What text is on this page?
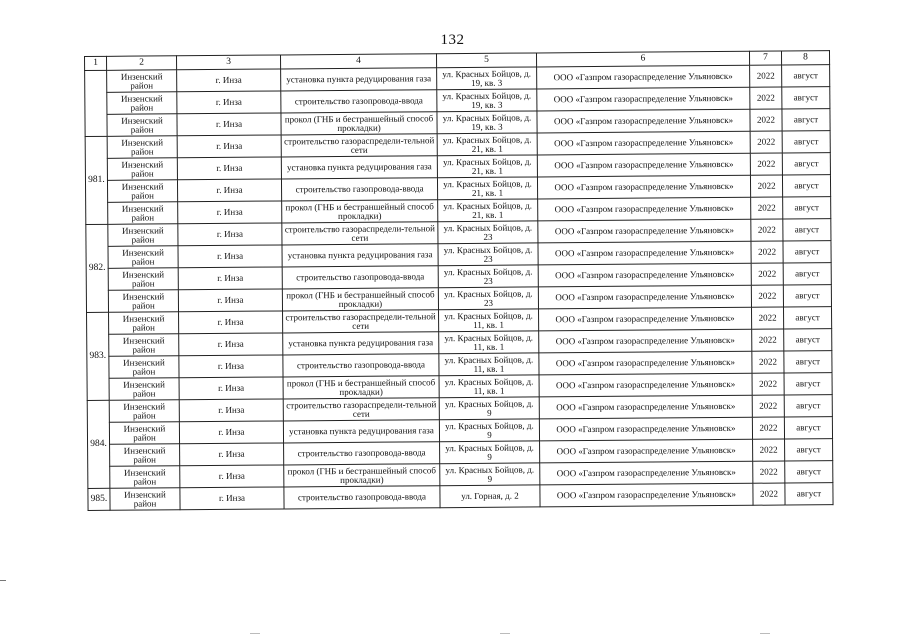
132
1	2	3	4	5	6	7	8
	Инзенский район	г. Инза	установка пункта редуцирования газа	ул. Красных Бойцов, д. 19, кв. 3	ООО «Газпром газораспределение Ульяновск»	2022	август
	Инзенский район	г. Инза	строительство газопровода-ввода	ул. Красных Бойцов, д. 19, кв. 3	ООО «Газпром газораспределение Ульяновск»	2022	август
	Инзенский район	г. Инза	прокол (ГНБ и бестраншейный способ прокладки)	ул. Красных Бойцов, д. 19, кв. 3	ООО «Газпром газораспределение Ульяновск»	2022	август
981.	Инзенский район	г. Инза	строительство газораспредели-тельной сети	ул. Красных Бойцов, д. 21, кв. 1	ООО «Газпром газораспределение Ульяновск»	2022	август
	Инзенский район	г. Инза	установка пункта редуцирования газа	ул. Красных Бойцов, д. 21, кв. 1	ООО «Газпром газораспределение Ульяновск»	2022	август
	Инзенский район	г. Инза	строительство газопровода-ввода	ул. Красных Бойцов, д. 21, кв. 1	ООО «Газпром газораспределение Ульяновск»	2022	август
	Инзенский район	г. Инза	прокол (ГНБ и бестраншейный способ прокладки)	ул. Красных Бойцов, д. 21, кв. 1	ООО «Газпром газораспределение Ульяновск»	2022	август
982.	Инзенский район	г. Инза	строительство газораспредели-тельной сети	ул. Красных Бойцов, д. 23	ООО «Газпром газораспределение Ульяновск»	2022	август
	Инзенский район	г. Инза	установка пункта редуцирования газа	ул. Красных Бойцов, д. 23	ООО «Газпром газораспределение Ульяновск»	2022	август
	Инзенский район	г. Инза	строительство газопровода-ввода	ул. Красных Бойцов, д. 23	ООО «Газпром газораспределение Ульяновск»	2022	август
	Инзенский район	г. Инза	прокол (ГНБ и бестраншейный способ прокладки)	ул. Красных Бойцов, д. 23	ООО «Газпром газораспределение Ульяновск»	2022	август
983.	Инзенский район	г. Инза	строительство газораспредели-тельной сети	ул. Красных Бойцов, д. 11, кв. 1	ООО «Газпром газораспределение Ульяновск»	2022	август
	Инзенский район	г. Инза	установка пункта редуцирования газа	ул. Красных Бойцов, д. 11, кв. 1	ООО «Газпром газораспределение Ульяновск»	2022	август
	Инзенский район	г. Инза	строительство газопровода-ввода	ул. Красных Бойцов, д. 11, кв. 1	ООО «Газпром газораспределение Ульяновск»	2022	август
	Инзенский район	г. Инза	прокол (ГНБ и бестраншейный способ прокладки)	ул. Красных Бойцов, д. 11, кв. 1	ООО «Газпром газораспределение Ульяновск»	2022	август
984.	Инзенский район	г. Инза	строительство газораспредели-тельной сети	ул. Красных Бойцов, д. 9	ООО «Газпром газораспределение Ульяновск»	2022	август
	Инзенский район	г. Инза	установка пункта редуцирования газа	ул. Красных Бойцов, д. 9	ООО «Газпром газораспределение Ульяновск»	2022	август
	Инзенский район	г. Инза	строительство газопровода-ввода	ул. Красных Бойцов, д. 9	ООО «Газпром газораспределение Ульяновск»	2022	август
	Инзенский район	г. Инза	прокол (ГНБ и бестраншейный способ прокладки)	ул. Красных Бойцов, д. 9	ООО «Газпром газораспределение Ульяновск»	2022	август
985.	Инзенский район	г. Инза	строительство газопровода-ввода	ул. Горная, д. 2	ООО «Газпром газораспределение Ульяновск»	2022	август
